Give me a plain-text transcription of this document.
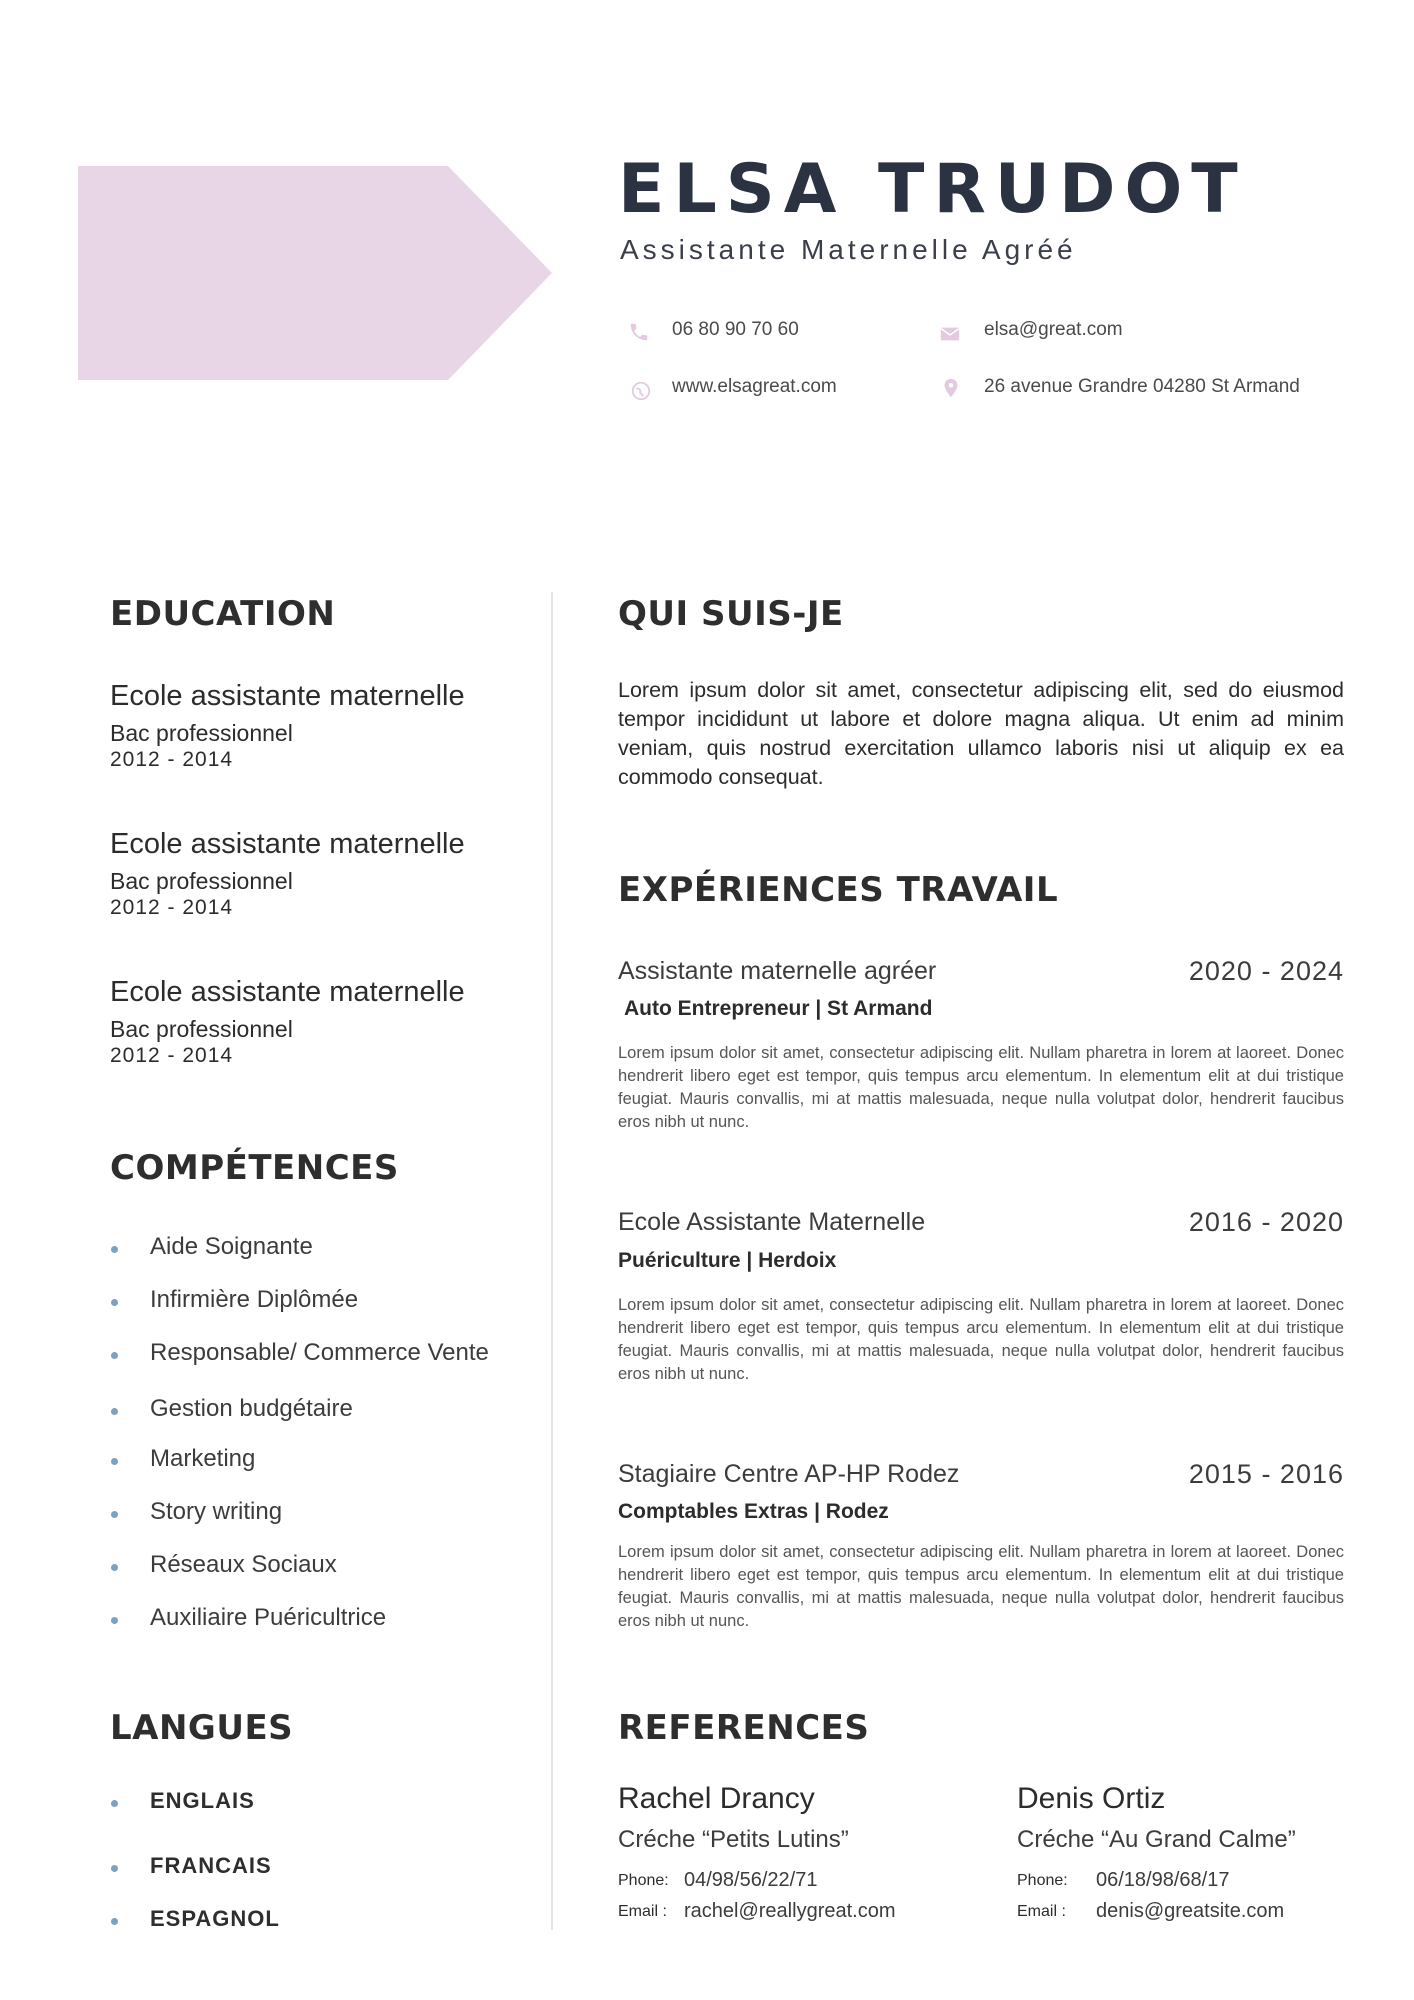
ELSA TRUDOT
Assistante Maternelle Agréé
06 80 90 70 60	elsa@great.com
www.elsagreat.com	26 avenue Grandre 04280 St Armand
EDUCATION
Ecole assistante maternelle
Bac professionnel
2012 - 2014
Ecole assistante maternelle
Bac professionnel
2012 - 2014
Ecole assistante maternelle
Bac professionnel
2012 - 2014
COMPÉTENCES
Aide Soignante
Infirmière Diplômée
Responsable/ Commerce Vente
Gestion budgétaire
Marketing
Story writing
Réseaux Sociaux
Auxiliaire Puéricultrice
LANGUES
ENGLAIS
FRANCAIS
ESPAGNOL
QUI SUIS-JE
Lorem ipsum dolor sit amet, consectetur adipiscing elit, sed do eiusmod tempor incididunt ut labore et dolore magna aliqua. Ut enim ad minim veniam, quis nostrud exercitation ullamco laboris nisi ut aliquip ex ea commodo consequat.
EXPÉRIENCES TRAVAIL
Assistante maternelle agréer	2020 - 2024
Auto Entrepreneur | St Armand
Lorem ipsum dolor sit amet, consectetur adipiscing elit. Nullam pharetra in lorem at laoreet. Donec hendrerit libero eget est tempor, quis tempus arcu elementum. In elementum elit at dui tristique feugiat. Mauris convallis, mi at mattis malesuada, neque nulla volutpat dolor, hendrerit faucibus eros nibh ut nunc.
Ecole Assistante Maternelle	2016 - 2020
Puériculture | Herdoix
Lorem ipsum dolor sit amet, consectetur adipiscing elit. Nullam pharetra in lorem at laoreet. Donec hendrerit libero eget est tempor, quis tempus arcu elementum. In elementum elit at dui tristique feugiat. Mauris convallis, mi at mattis malesuada, neque nulla volutpat dolor, hendrerit faucibus eros nibh ut nunc.
Stagiaire Centre AP-HP Rodez	2015 - 2016
Comptables Extras | Rodez
Lorem ipsum dolor sit amet, consectetur adipiscing elit. Nullam pharetra in lorem at laoreet. Donec hendrerit libero eget est tempor, quis tempus arcu elementum. In elementum elit at dui tristique feugiat. Mauris convallis, mi at mattis malesuada, neque nulla volutpat dolor, hendrerit faucibus eros nibh ut nunc.
REFERENCES
Rachel Drancy
Créche “Petits Lutins”
Phone: 04/98/56/22/71
Email : rachel@reallygreat.com
Denis Ortiz
Créche “Au Grand Calme”
Phone: 06/18/98/68/17
Email : denis@greatsite.com
